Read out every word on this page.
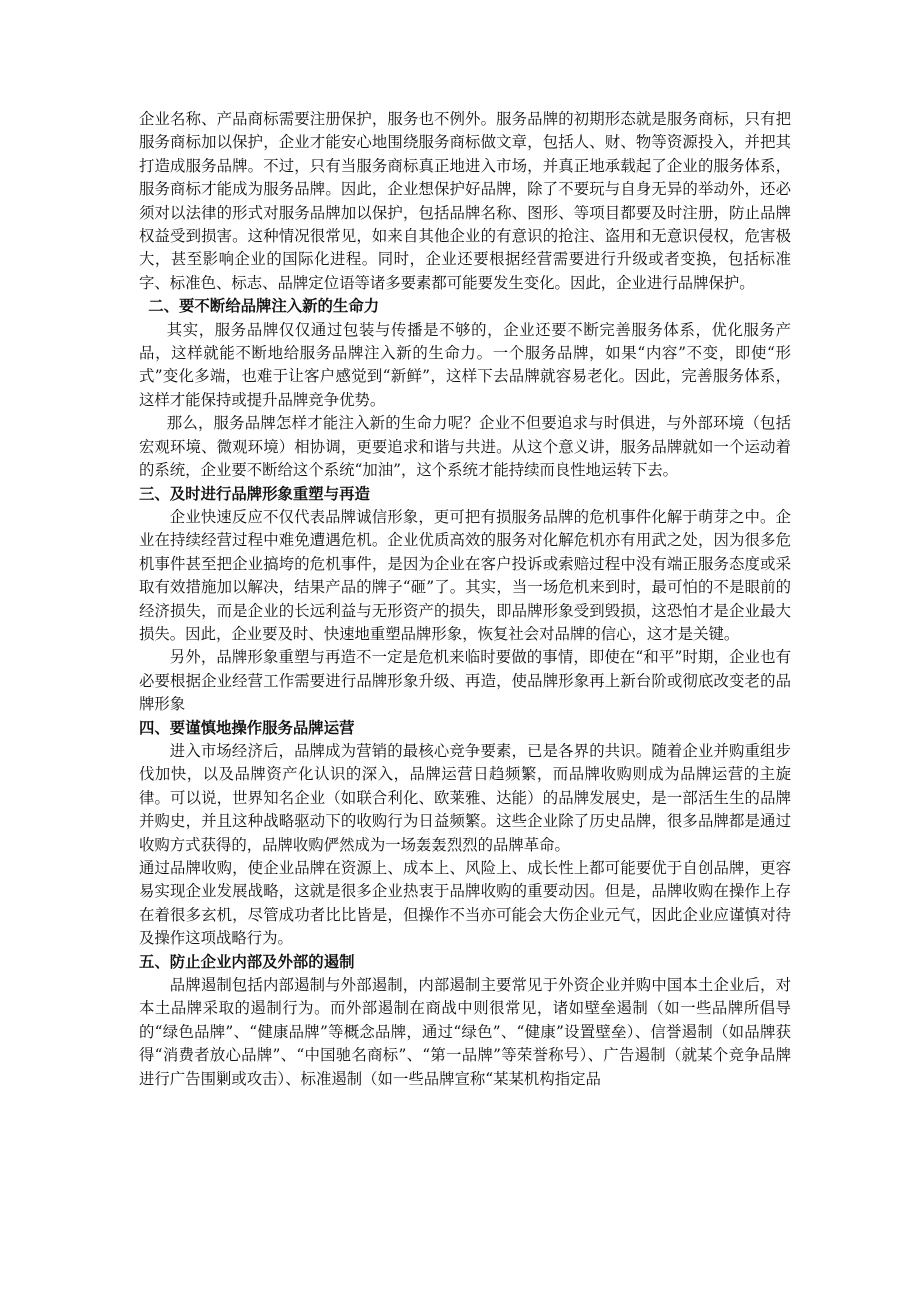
企业名称、产品商标需要注册保护，服务也不例外。服务品牌的初期形态就是服务商标，只有把服务商标加以保护，企业才能安心地围绕服务商标做文章，包括人、财、物等资源投入，并把其打造成服务品牌。不过，只有当服务商标真正地进入市场，并真正地承载起了企业的服务体系，服务商标才能成为服务品牌。因此，企业想保护好品牌，除了不要玩与自身无异的举动外，还必须对以法律的形式对服务品牌加以保护，包括品牌名称、图形、等项目都要及时注册，防止品牌权益受到损害。这种情况很常见，如来自其他企业的有意识的抢注、盗用和无意识侵权，危害极大，甚至影响企业的国际化进程。同时，企业还要根据经营需要进行升级或者变换，包括标准字、标准色、标志、品牌定位语等诸多要素都可能要发生变化。因此，企业进行品牌保护。

二、要不断给品牌注入新的生命力

其实，服务品牌仅仅通过包装与传播是不够的，企业还要不断完善服务体系，优化服务产品，这样就能不断地给服务品牌注入新的生命力。一个服务品牌，如果“内容”不变，即使“形式”变化多端，也难于让客户感觉到“新鲜”，这样下去品牌就容易老化。因此，完善服务体系，这样才能保持或提升品牌竞争优势。

那么，服务品牌怎样才能注入新的生命力呢？企业不但要追求与时俱进，与外部环境（包括宏观环境、微观环境）相协调，更要追求和谐与共进。从这个意义讲，服务品牌就如一个运动着的系统，企业要不断给这个系统“加油”，这个系统才能持续而良性地运转下去。

三、及时进行品牌形象重塑与再造

企业快速反应不仅代表品牌诚信形象，更可把有损服务品牌的危机事件化解于萌芽之中。企业在持续经营过程中难免遭遇危机。企业优质高效的服务对化解危机亦有用武之处，因为很多危机事件甚至把企业搞垮的危机事件，是因为企业在客户投诉或索赔过程中没有端正服务态度或采取有效措施加以解决，结果产品的牌子“砸”了。其实，当一场危机来到时，最可怕的不是眼前的经济损失，而是企业的长远利益与无形资产的损失，即品牌形象受到毁损，这恐怕才是企业最大损失。因此，企业要及时、快速地重塑品牌形象，恢复社会对品牌的信心，这才是关键。

另外，品牌形象重塑与再造不一定是危机来临时要做的事情，即使在“和平”时期，企业也有必要根据企业经营工作需要进行品牌形象升级、再造，使品牌形象再上新台阶或彻底改变老的品牌形象

四、要谨慎地操作服务品牌运营

进入市场经济后，品牌成为营销的最核心竞争要素，已是各界的共识。随着企业并购重组步伐加快，以及品牌资产化认识的深入，品牌运营日趋频繁，而品牌收购则成为品牌运营的主旋律。可以说，世界知名企业（如联合利化、欧莱雅、达能）的品牌发展史，是一部活生生的品牌并购史，并且这种战略驱动下的收购行为日益频繁。这些企业除了历史品牌，很多品牌都是通过收购方式获得的，品牌收购俨然成为一场轰轰烈烈的品牌革命。

通过品牌收购，使企业品牌在资源上、成本上、风险上、成长性上都可能要优于自创品牌，更容易实现企业发展战略，这就是很多企业热衷于品牌收购的重要动因。但是，品牌收购在操作上存在着很多玄机，尽管成功者比比皆是，但操作不当亦可能会大伤企业元气，因此企业应谨慎对待及操作这项战略行为。

五、防止企业内部及外部的遏制

品牌遏制包括内部遏制与外部遏制，内部遏制主要常见于外资企业并购中国本土企业后，对本土品牌采取的遏制行为。而外部遏制在商战中则很常见，诸如壁垒遏制（如一些品牌所倡导的“绿色品牌”、“健康品牌”等概念品牌，通过“绿色”、“健康”设置壁垒）、信誉遏制（如品牌获得“消费者放心品牌”、“中国驰名商标”、“第一品牌”等荣誉称号）、广告遏制（就某个竞争品牌进行广告围剿或攻击）、标准遏制（如一些品牌宣称“某某机构指定品
